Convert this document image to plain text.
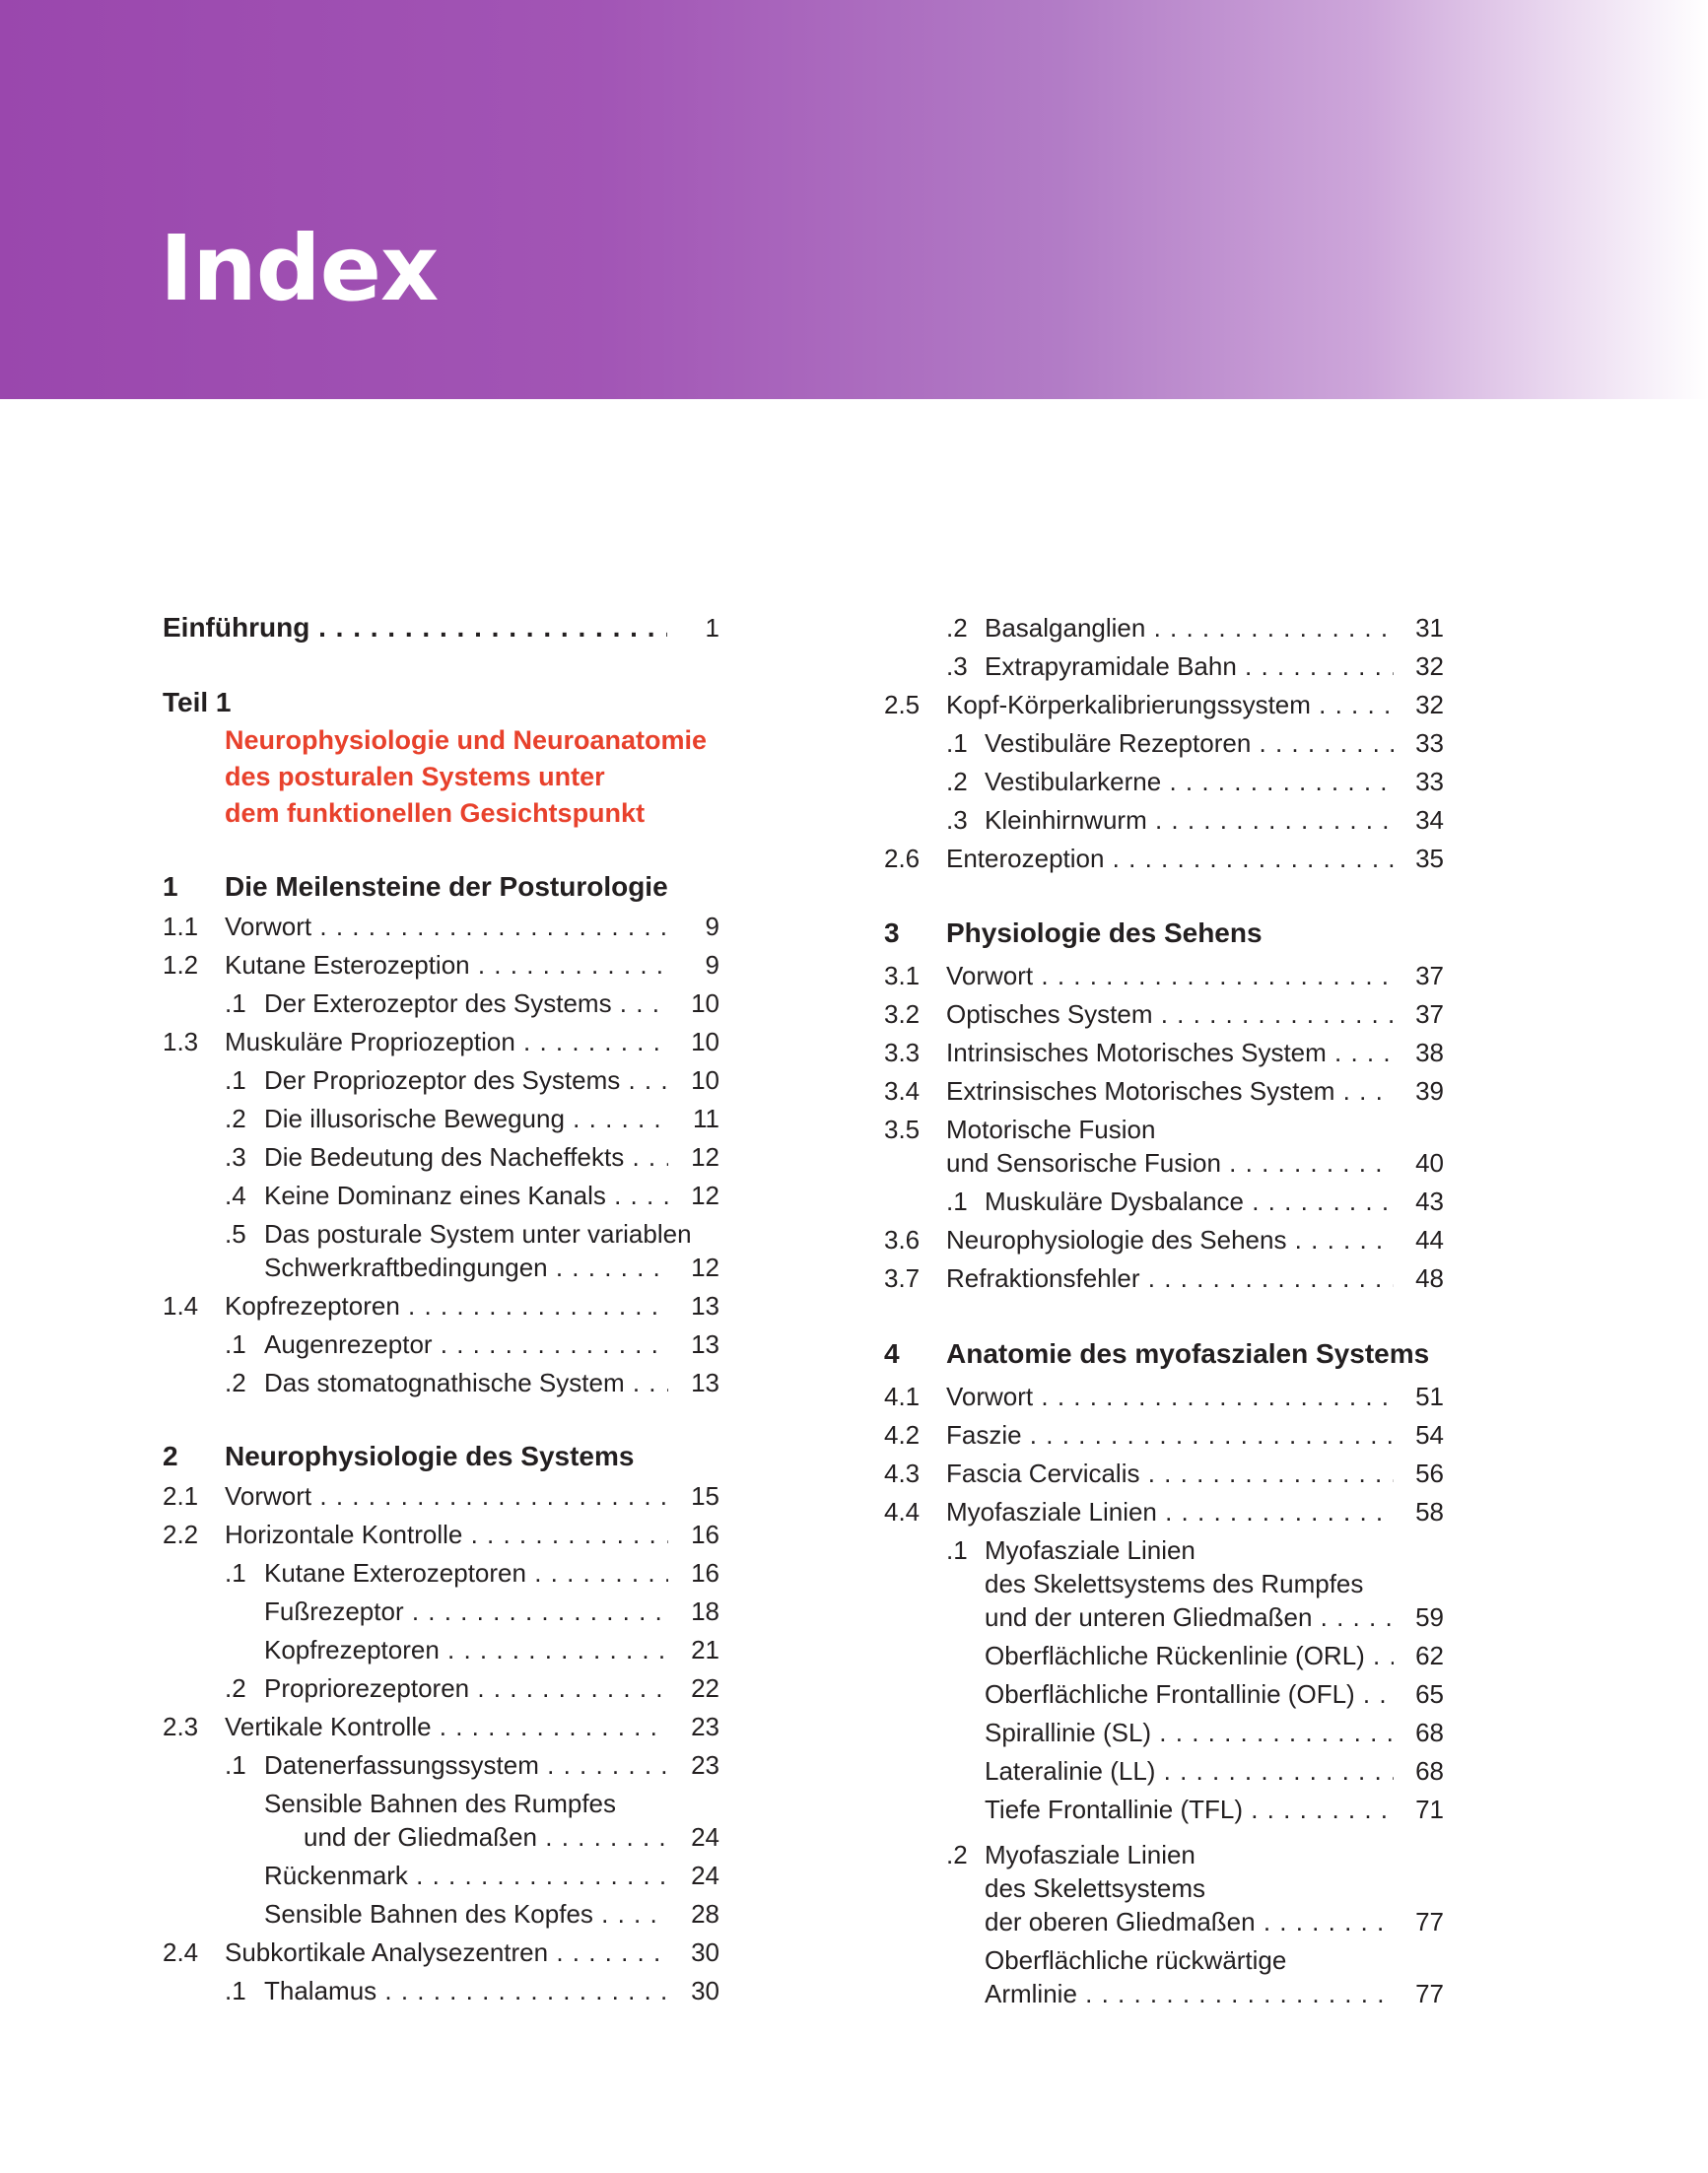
Index
Einführung . . .	1
Teil 1
Neurophysiologie und Neuroanatomie
des posturalen Systems unter
dem funktionellen Gesichtspunkt
1 Die Meilensteine der Posturologie
1.1 Vorwort . . .	9
1.2 Kutane Esterozeption . . .	9
.1 Der Exterozeptor des Systems . . .	10
1.3 Muskuläre Propriozeption . . .	10
.1 Der Propriozeptor des Systems . . .	10
.2 Die illusorische Bewegung . . .	11
.3 Die Bedeutung des Nacheffekts . . .	12
.4 Keine Dominanz eines Kanals . . .	12
.5 Das posturale System unter variablen
Schwerkraftbedingungen . . .	12
1.4 Kopfrezeptoren . . .	13
.1 Augenrezeptor . . .	13
.2 Das stomatognathische System . . .	13
2 Neurophysiologie des Systems
2.1 Vorwort . . .	15
2.2 Horizontale Kontrolle . . .	16
.1 Kutane Exterozeptoren . . .	16
Fußrezeptor . . .	18
Kopfrezeptoren . . .	21
.2 Propriorezeptoren . . .	22
2.3 Vertikale Kontrolle . . .	23
.1 Datenerfassungssystem . . .	23
Sensible Bahnen des Rumpfes
und der Gliedmaßen . . .	24
Rückenmark . . .	24
Sensible Bahnen des Kopfes . . .	28
2.4 Subkortikale Analysezentren . . .	30
.1 Thalamus . . .	30
.2 Basalganglien . . .	31
.3 Extrapyramidale Bahn . . .	32
2.5 Kopf-Körperkalibrierungssystem . . .	32
.1 Vestibuläre Rezeptoren . . .	33
.2 Vestibularkerne . . .	33
.3 Kleinhirnwurm . . .	34
2.6 Enterozeption . . .	35
3 Physiologie des Sehens
3.1 Vorwort . . .	37
3.2 Optisches System . . .	37
3.3 Intrinsisches Motorisches System . . .	38
3.4 Extrinsisches Motorisches System . . .	39
3.5 Motorische Fusion
und Sensorische Fusion . . .	40
.1 Muskuläre Dysbalance . . .	43
3.6 Neurophysiologie des Sehens . . .	44
3.7 Refraktionsfehler . . .	48
4 Anatomie des myofaszialen Systems
4.1 Vorwort . . .	51
4.2 Faszie . . .	54
4.3 Fascia Cervicalis . . .	56
4.4 Myofasziale Linien . . .	58
.1 Myofasziale Linien
des Skelettsystems des Rumpfes
und der unteren Gliedmaßen . . .	59
Oberflächliche Rückenlinie (ORL) . . .	62
Oberflächliche Frontallinie (OFL) . . .	65
Spirallinie (SL) . . .	68
Lateralinie (LL) . . .	68
Tiefe Frontallinie (TFL) . . .	71
.2 Myofasziale Linien
des Skelettsystems
der oberen Gliedmaßen . . .	77
Oberflächliche rückwärtige
Armlinie . . .	77
